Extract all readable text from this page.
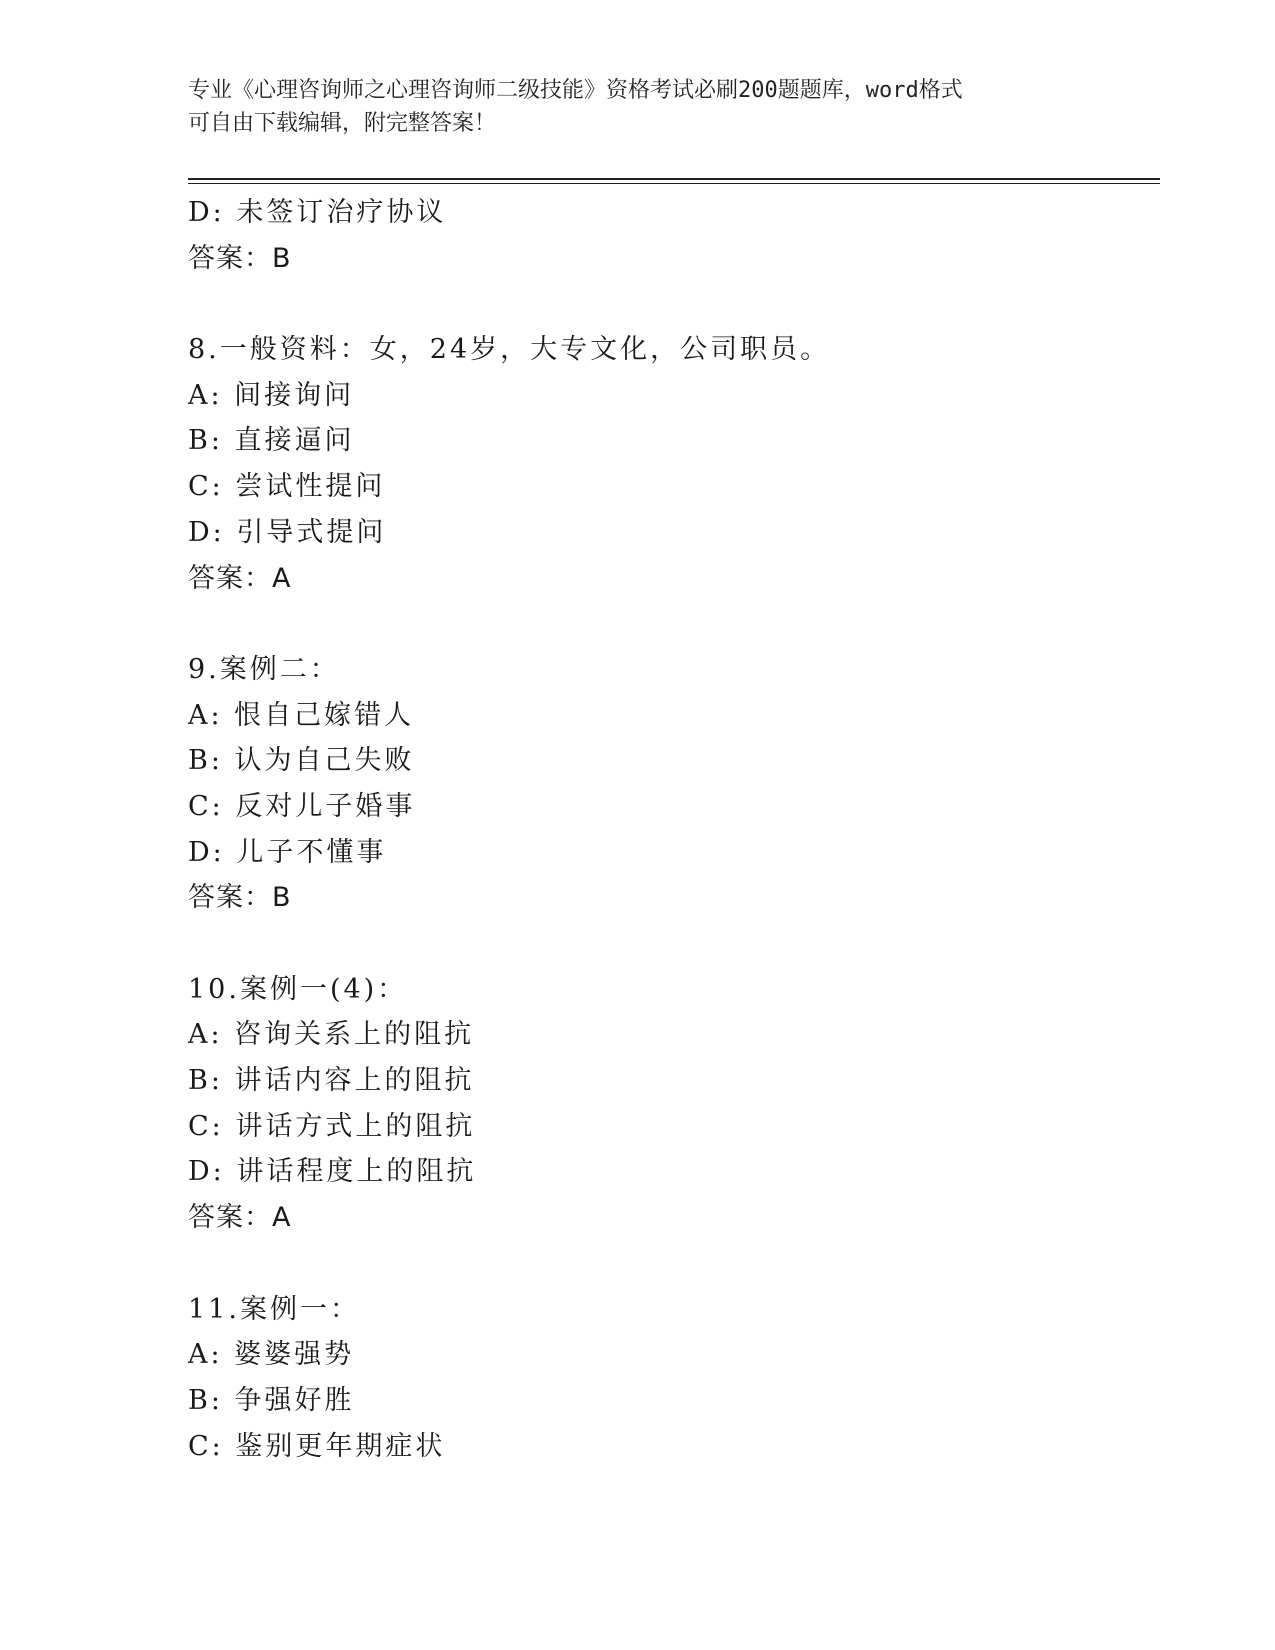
专业《心理咨询师之心理咨询师二级技能》资格考试必刷200题题库，word格式
可自由下载编辑，附完整答案！
D: 未签订治疗协议
答案：B
8.一般资料：女，24岁，大专文化，公司职员。
A: 间接询问
B: 直接逼问
C: 尝试性提问
D: 引导式提问
答案：A
9.案例二：
A: 恨自己嫁错人
B: 认为自己失败
C: 反对儿子婚事
D: 儿子不懂事
答案：B
10.案例一(4)：
A: 咨询关系上的阻抗
B: 讲话内容上的阻抗
C: 讲话方式上的阻抗
D: 讲话程度上的阻抗
答案：A
11.案例一：
A: 婆婆强势
B: 争强好胜
C: 鉴别更年期症状
